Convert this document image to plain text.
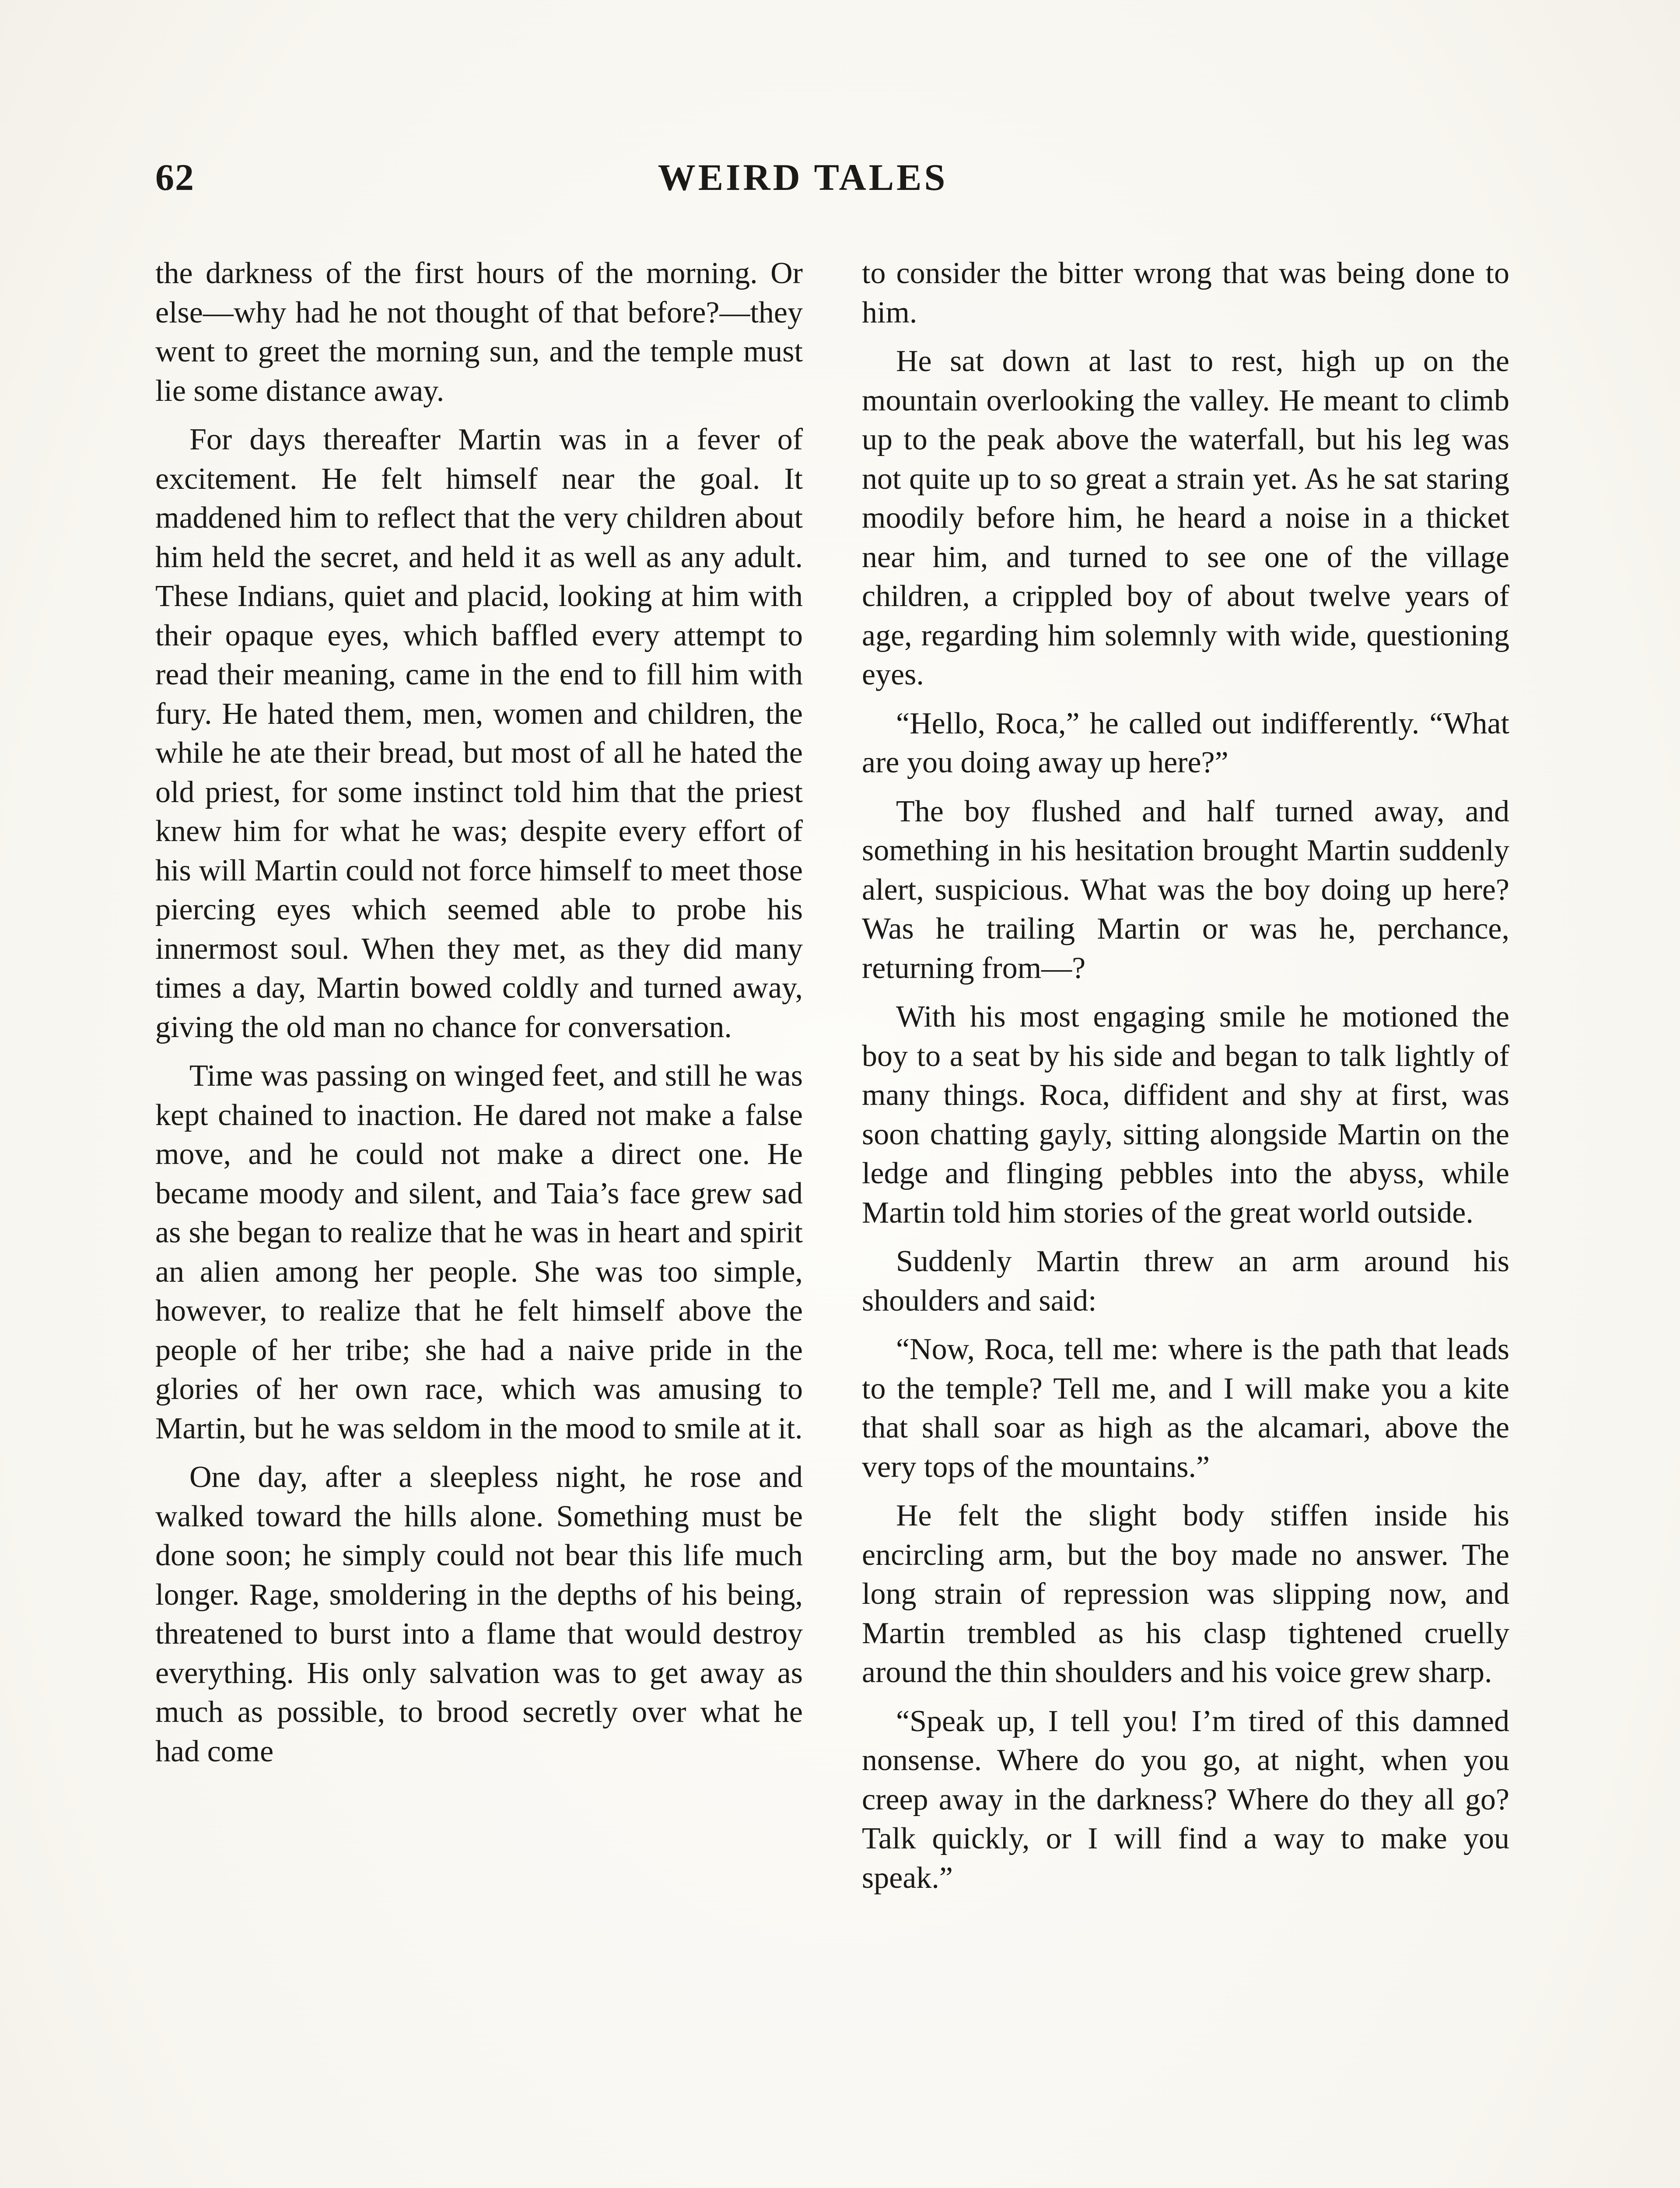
62	WEIRD TALES

the darkness of the first hours of the morning. Or else—why had he not thought of that before?—they went to greet the morning sun, and the temple must lie some distance away.

For days thereafter Martin was in a fever of excitement. He felt himself near the goal. It maddened him to reflect that the very children about him held the secret, and held it as well as any adult. These Indians, quiet and placid, looking at him with their opaque eyes, which baffled every attempt to read their meaning, came in the end to fill him with fury. He hated them, men, women and children, the while he ate their bread, but most of all he hated the old priest, for some instinct told him that the priest knew him for what he was; despite every effort of his will Martin could not force himself to meet those piercing eyes which seemed able to probe his innermost soul. When they met, as they did many times a day, Martin bowed coldly and turned away, giving the old man no chance for conversation.

Time was passing on winged feet, and still he was kept chained to inaction. He dared not make a false move, and he could not make a direct one. He became moody and silent, and Taia’s face grew sad as she began to realize that he was in heart and spirit an alien among her people. She was too simple, however, to realize that he felt himself above the people of her tribe; she had a naive pride in the glories of her own race, which was amusing to Martin, but he was seldom in the mood to smile at it.

One day, after a sleepless night, he rose and walked toward the hills alone. Something must be done soon; he simply could not bear this life much longer. Rage, smoldering in the depths of his being, threatened to burst into a flame that would destroy everything. His only salvation was to get away as much as possible, to brood secretly over what he had come

to consider the bitter wrong that was being done to him.

He sat down at last to rest, high up on the mountain overlooking the valley. He meant to climb up to the peak above the waterfall, but his leg was not quite up to so great a strain yet. As he sat staring moodily before him, he heard a noise in a thicket near him, and turned to see one of the village children, a crippled boy of about twelve years of age, regarding him solemnly with wide, questioning eyes.

“Hello, Roca,” he called out indifferently. “What are you doing away up here?”

The boy flushed and half turned away, and something in his hesitation brought Martin suddenly alert, suspicious. What was the boy doing up here? Was he trailing Martin or was he, perchance, returning from—?

With his most engaging smile he motioned the boy to a seat by his side and began to talk lightly of many things. Roca, diffident and shy at first, was soon chatting gayly, sitting alongside Martin on the ledge and flinging pebbles into the abyss, while Martin told him stories of the great world outside.

Suddenly Martin threw an arm around his shoulders and said:

“Now, Roca, tell me: where is the path that leads to the temple? Tell me, and I will make you a kite that shall soar as high as the alcamari, above the very tops of the mountains.”

He felt the slight body stiffen inside his encircling arm, but the boy made no answer. The long strain of repression was slipping now, and Martin trembled as his clasp tightened cruelly around the thin shoulders and his voice grew sharp.

“Speak up, I tell you! I’m tired of this damned nonsense. Where do you go, at night, when you creep away in the darkness? Where do they all go? Talk quickly, or I will find a way to make you speak.”
